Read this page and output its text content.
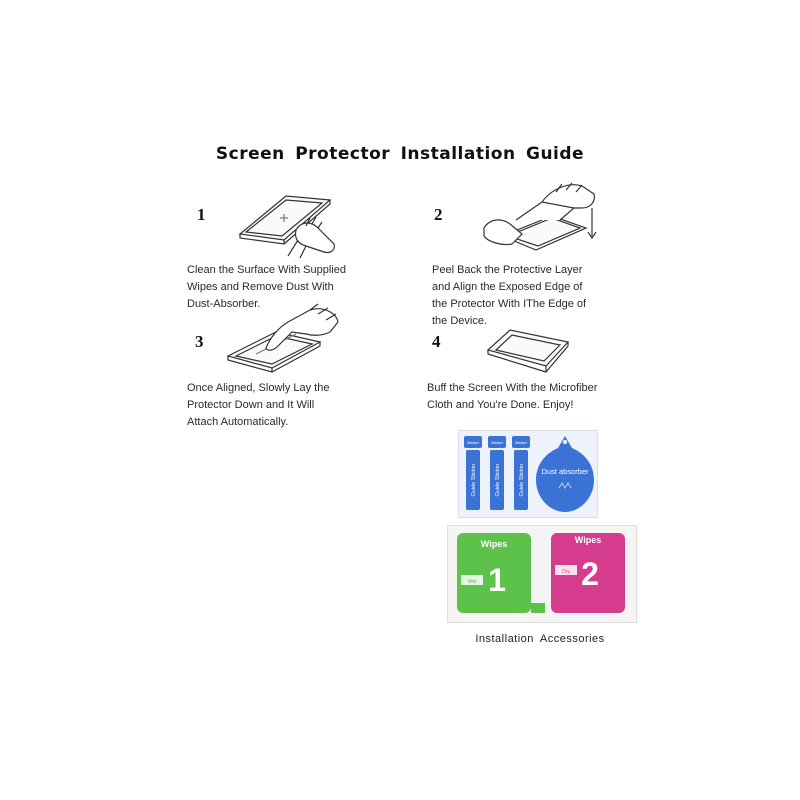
Screen Protector Installation Guide
1
Clean the Surface With Supplied
Wipes and Remove Dust With
Dust-Absorber.
2
Peel Back the Protective Layer
and Align the Exposed Edge of
the Protector With IThe Edge of
the Device.
3
Once Aligned, Slowly Lay the
Protector Down and It Will
Attach Automatically.
4
Buff the Screen With the Microfiber
Cloth and You're Done. Enjoy!
Sticker	Sticker	Sticker
Guide Sticker	Guide Sticker	Guide Sticker Dust absorber
Wipes
1
Wet
Wipes
2
Dry
Installation Accessories
